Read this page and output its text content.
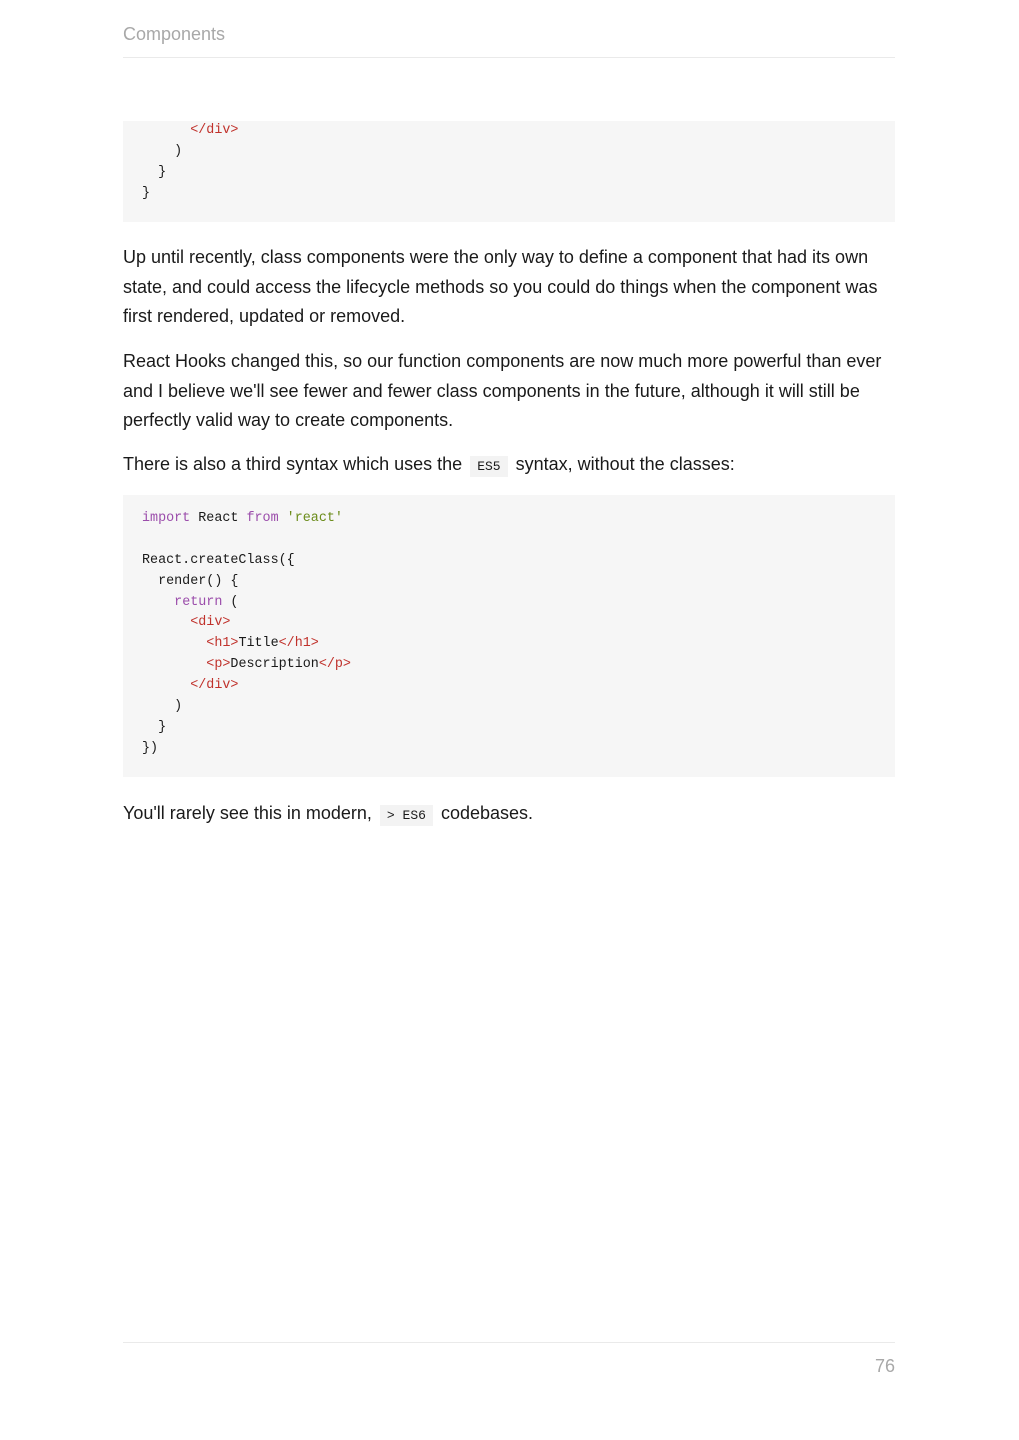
Components
</div>
)
}
}

Up until recently, class components were the only way to define a component that had its own state, and could access the lifecycle methods so you could do things when the component was first rendered, updated or removed.

React Hooks changed this, so our function components are now much more powerful than ever and I believe we'll see fewer and fewer class components in the future, although it will still be perfectly valid way to create components.

There is also a third syntax which uses the ES5 syntax, without the classes:

import React from 'react'
React.createClass({
render() {
return (
<div>
<h1>Title</h1>
<p>Description</p>
</div>
)
}
})

You'll rarely see this in modern, > ES6 codebases.

76
